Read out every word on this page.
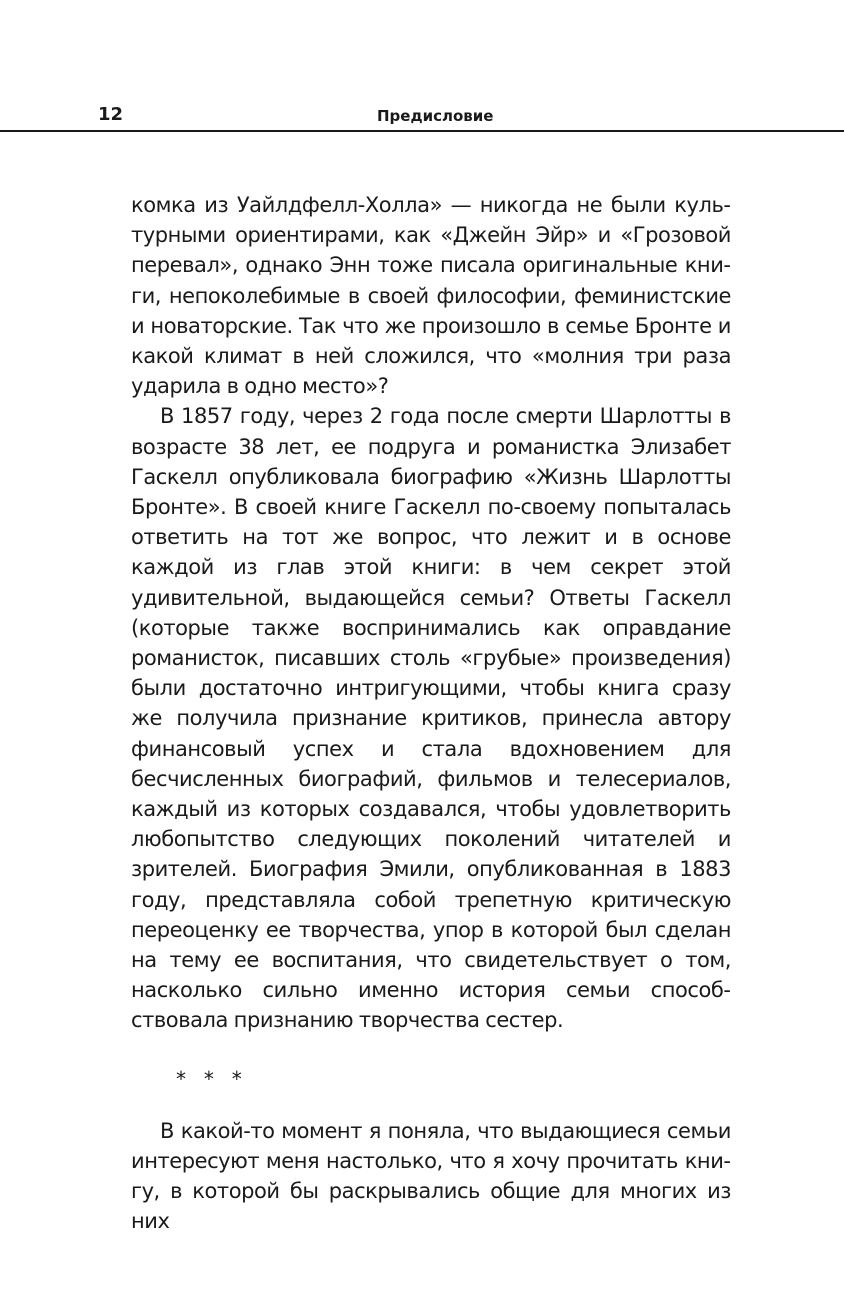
12	Предисловие

комка из Уайлдфелл-Холла» — никогда не были культурными ориентирами, как «Джейн Эйр» и «Грозовой перевал», однако Энн тоже писала оригинальные книги, непоколебимые в своей философии, феминистские и новаторские. Так что же произошло в семье Бронте и какой климат в ней сложился, что «молния три раза ударила в одно место»?

В 1857 году, через 2 года после смерти Шарлотты в возрасте 38 лет, ее подруга и романистка Элизабет Гаскелл опубликовала биографию «Жизнь Шарлотты Бронте». В своей книге Гаскелл по-своему попыталась ответить на тот же вопрос, что лежит и в основе каждой из глав этой книги: в чем секрет этой удивительной, выдающейся семьи? Ответы Гаскелл (которые также воспринимались как оправдание романисток, писавших столь «грубые» произведения) были достаточно интригующими, чтобы книга сразу же получила признание критиков, принесла автору финансовый успех и стала вдохновением для бесчисленных биографий, фильмов и телесериалов, каждый из которых создавался, чтобы удовлетворить любопытство следующих поколений читателей и зрителей. Биография Эмили, опубликованная в 1883 году, представляла собой трепетную критическую переоценку ее творчества, упор в которой был сделан на тему ее воспитания, что свидетельствует о том, насколько сильно именно история семьи способствовала признанию творчества сестер.

* * *

В какой-то момент я поняла, что выдающиеся семьи интересуют меня настолько, что я хочу прочитать книгу, в которой бы раскрывались общие для многих из них
